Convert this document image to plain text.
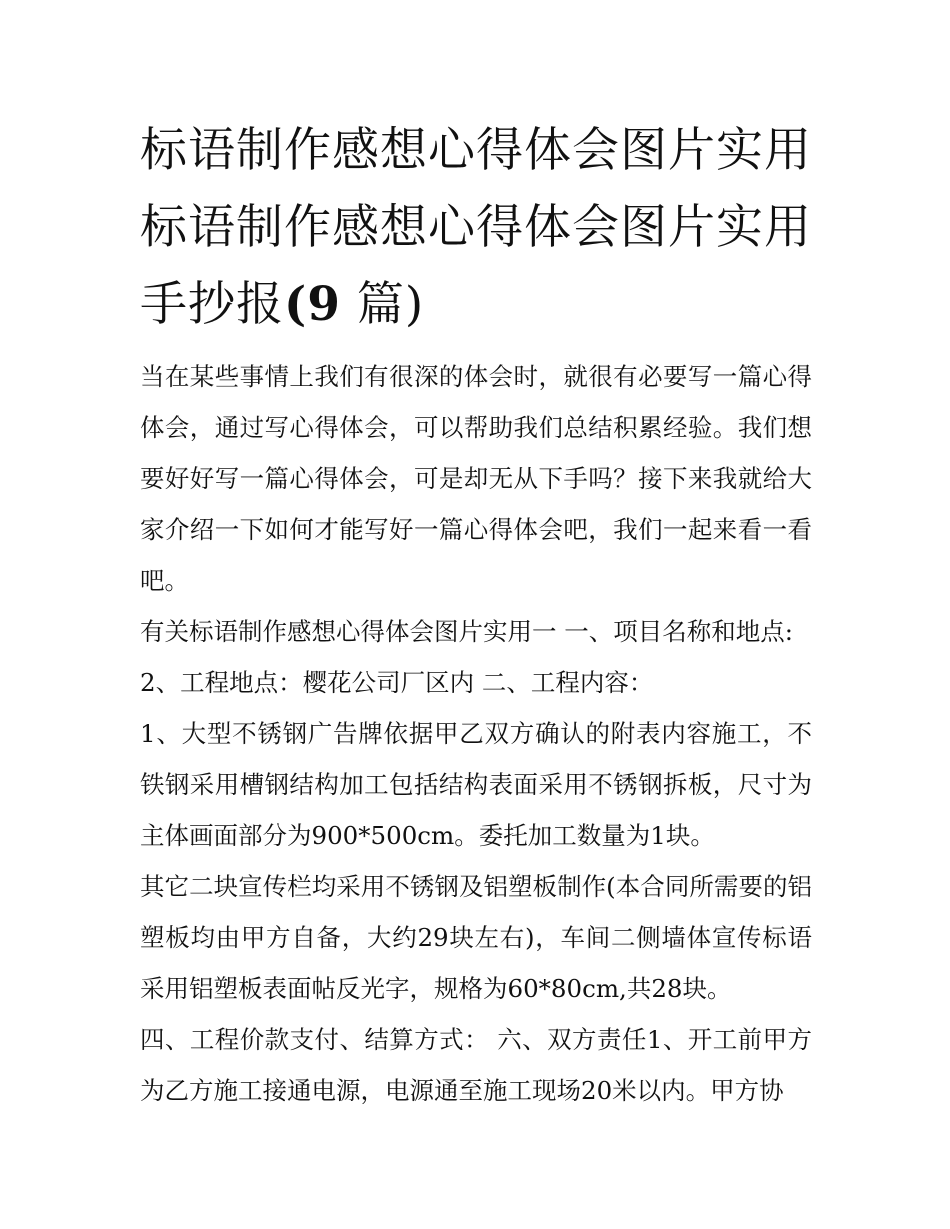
标语制作感想心得体会图片实用 标语制作感想心得体会图片实用手抄报(9 篇)

当在某些事情上我们有很深的体会时，就很有必要写一篇心得体会，通过写心得体会，可以帮助我们总结积累经验。我们想要好好写一篇心得体会，可是却无从下手吗？接下来我就给大家介绍一下如何才能写好一篇心得体会吧，我们一起来看一看吧。

有关标语制作感想心得体会图片实用一 一、项目名称和地点:

2、工程地点：樱花公司厂区内 二、工程内容：

1、大型不锈钢广告牌依据甲乙双方确认的附表内容施工，不铁钢采用槽钢结构加工包括结构表面采用不锈钢拆板，尺寸为主体画面部分为900*500cm。委托加工数量为1块。

其它二块宣传栏均采用不锈钢及铝塑板制作(本合同所需要的铝塑板均由甲方自备，大约29块左右)，车间二侧墙体宣传标语采用铝塑板表面帖反光字，规格为60*80cm,共28块。

四、工程价款支付、结算方式： 六、双方责任1、开工前甲方为乙方施工接通电源，电源通至施工现场20米以内。甲方协
